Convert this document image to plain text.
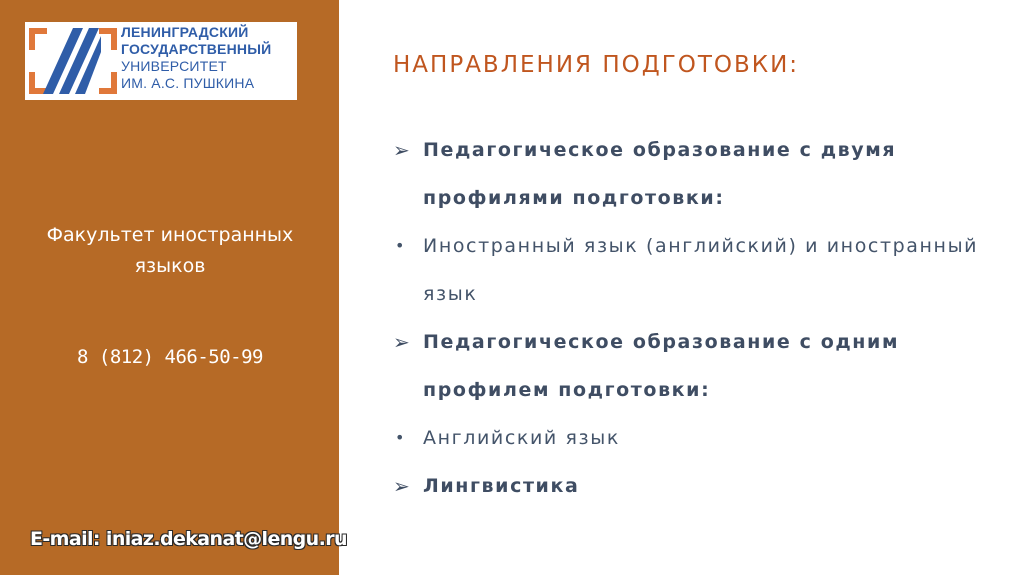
ЛЕНИНГРАДСКИЙ
ГОСУДАРСТВЕННЫЙ
УНИВЕРСИТЕТ
ИМ. А.С. ПУШКИНА
Факультет иностранных языков
8 (812) 466-50-99
E-mail: iniaz.dekanat@lengu.ru
НАПРАВЛЕНИЯ ПОДГОТОВКИ:
➢ Педагогическое образование с двумя профилями подготовки:
• Иностранный язык (английский) и иностранный язык
➢ Педагогическое образование с одним профилем подготовки:
• Английский язык
➢ Лингвистика
